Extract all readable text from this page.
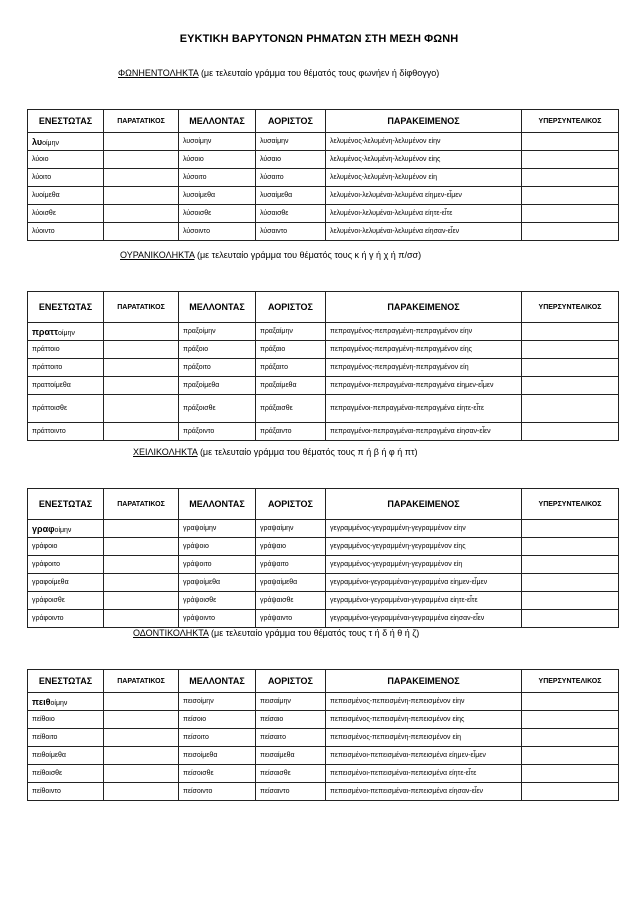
ΕΥΚΤΙΚΗ ΒΑΡΥΤΟΝΩΝ ΡΗΜΑΤΩΝ ΣΤΗ ΜΕΣΗ ΦΩΝΗ
ΦΩΝΗΕΝΤΟΛΗΚΤΑ (με τελευταίο γράμμα του θέματός τους φωνήεν ή δίφθογγο)
ΕΝΕΣΤΩΤΑΣ	ΠΑΡΑΤΑΤΙΚΟΣ	ΜΕΛΛΟΝΤΑΣ	ΑΟΡΙΣΤΟΣ	ΠΑΡΑΚΕΙΜΕΝΟΣ	ΥΠΕΡΣΥΝΤΕΛΙΚΟΣ
λυοίμην		λυσοίμην	λυσαίμην	λελυμένος-λελυμένη-λελυμένον είην	
λύοιο		λύσοιο	λύσαιο	λελυμένος-λελυμένη-λελυμένον είης	
λύοιτο		λύσοιτο	λύσαιτο	λελυμένος-λελυμένη-λελυμένον είη	
λυοίμεθα		λυσοίμεθα	λυσαίμεθα	λελυμένοι-λελυμέναι-λελυμένα είημεν-εἶμεν	
λύοισθε		λύσοισθε	λύσαισθε	λελυμένοι-λελυμέναι-λελυμένα είητε-εἶτε	
λύοιντο		λύσοιντο	λύσαιντο	λελυμένοι-λελυμέναι-λελυμένα είησαν-εἶεν	
ΟΥΡΑΝΙΚΟΛΗΚΤΑ (με τελευταίο γράμμα του θέματός τους κ ή γ ή χ ή π/σσ)
ΕΝΕΣΤΩΤΑΣ	ΠΑΡΑΤΑΤΙΚΟΣ	ΜΕΛΛΟΝΤΑΣ	ΑΟΡΙΣΤΟΣ	ΠΑΡΑΚΕΙΜΕΝΟΣ	ΥΠΕΡΣΥΝΤΕΛΙΚΟΣ
πραττοίμην		πραξοίμην	πραξαίμην	πεπραγμένος-πεπραγμένη-πεπραγμένον είην	
πράττοιο		πράξοιο	πράξαιο	πεπραγμένος-πεπραγμένη-πεπραγμένον είης	
πράττοιτο		πράξοιτο	πράξαιτο	πεπραγμένος-πεπραγμένη-πεπραγμένον είη	
πραττοίμεθα		πραξοίμεθα	πραξαίμεθα	πεπραγμένοι-πεπραγμέναι-πεπραγμένα είημεν-εἶμεν	
πράττοισθε		πράξοισθε	πράξαισθε	πεπραγμένοι-πεπραγμέναι-πεπραγμένα είητε-εἶτε	
πράττοιντο		πράξοιντο	πράξαιντο	πεπραγμένοι-πεπραγμέναι-πεπραγμένα είησαν-εἶεν	
ΧΕΙΛΙΚΟΛΗΚΤΑ (με τελευταίο γράμμα του θέματός τους π ή β ή φ ή πτ)
ΕΝΕΣΤΩΤΑΣ	ΠΑΡΑΤΑΤΙΚΟΣ	ΜΕΛΛΟΝΤΑΣ	ΑΟΡΙΣΤΟΣ	ΠΑΡΑΚΕΙΜΕΝΟΣ	ΥΠΕΡΣΥΝΤΕΛΙΚΟΣ
γραφοίμην		γραψοίμην	γραψαίμην	γεγραμμένος-γεγραμμένη-γεγραμμένον είην	
γράφοιο		γράψοιο	γράψαιο	γεγραμμένος-γεγραμμένη-γεγραμμένον είης	
γράφοιτο		γράψοιτο	γράψαιτο	γεγραμμένος-γεγραμμένη-γεγραμμένον είη	
γραφοίμεθα		γραψοίμεθα	γραψαίμεθα	γεγραμμένοι-γεγραμμέναι-γεγραμμένα είημεν-εἶμεν	
γράφοισθε		γράψοισθε	γράψαισθε	γεγραμμένοι-γεγραμμέναι-γεγραμμένα είητε-εἶτε	
γράφοιντο		γράψοιντο	γράψαιντο	γεγραμμένοι-γεγραμμέναι-γεγραμμένα είησαν-εἶεν	
ΟΔΟΝΤΙΚΟΛΗΚΤΑ (με τελευταίο γράμμα του θέματός τους τ ή δ ή θ ή ζ)
ΕΝΕΣΤΩΤΑΣ	ΠΑΡΑΤΑΤΙΚΟΣ	ΜΕΛΛΟΝΤΑΣ	ΑΟΡΙΣΤΟΣ	ΠΑΡΑΚΕΙΜΕΝΟΣ	ΥΠΕΡΣΥΝΤΕΛΙΚΟΣ
πειθοίμην		πεισοίμην	πεισαίμην	πεπεισμένος-πεπεισμένη-πεπεισμένον είην	
πείθοιο		πείσοιο	πείσαιο	πεπεισμένος-πεπεισμένη-πεπεισμένον είης	
πείθοιτο		πείσοιτο	πείσαιτο	πεπεισμένος-πεπεισμένη-πεπεισμένον είη	
πειθοίμεθα		πεισοίμεθα	πεισαίμεθα	πεπεισμένοι-πεπεισμέναι-πεπεισμένα είημεν-εἶμεν	
πείθοισθε		πείσοισθε	πείσαισθε	πεπεισμένοι-πεπεισμέναι-πεπεισμένα είητε-εἶτε	
πείθοιντο		πείσοιντο	πείσαιντο	πεπεισμένοι-πεπεισμέναι-πεπεισμένα είησαν-εἶεν	
